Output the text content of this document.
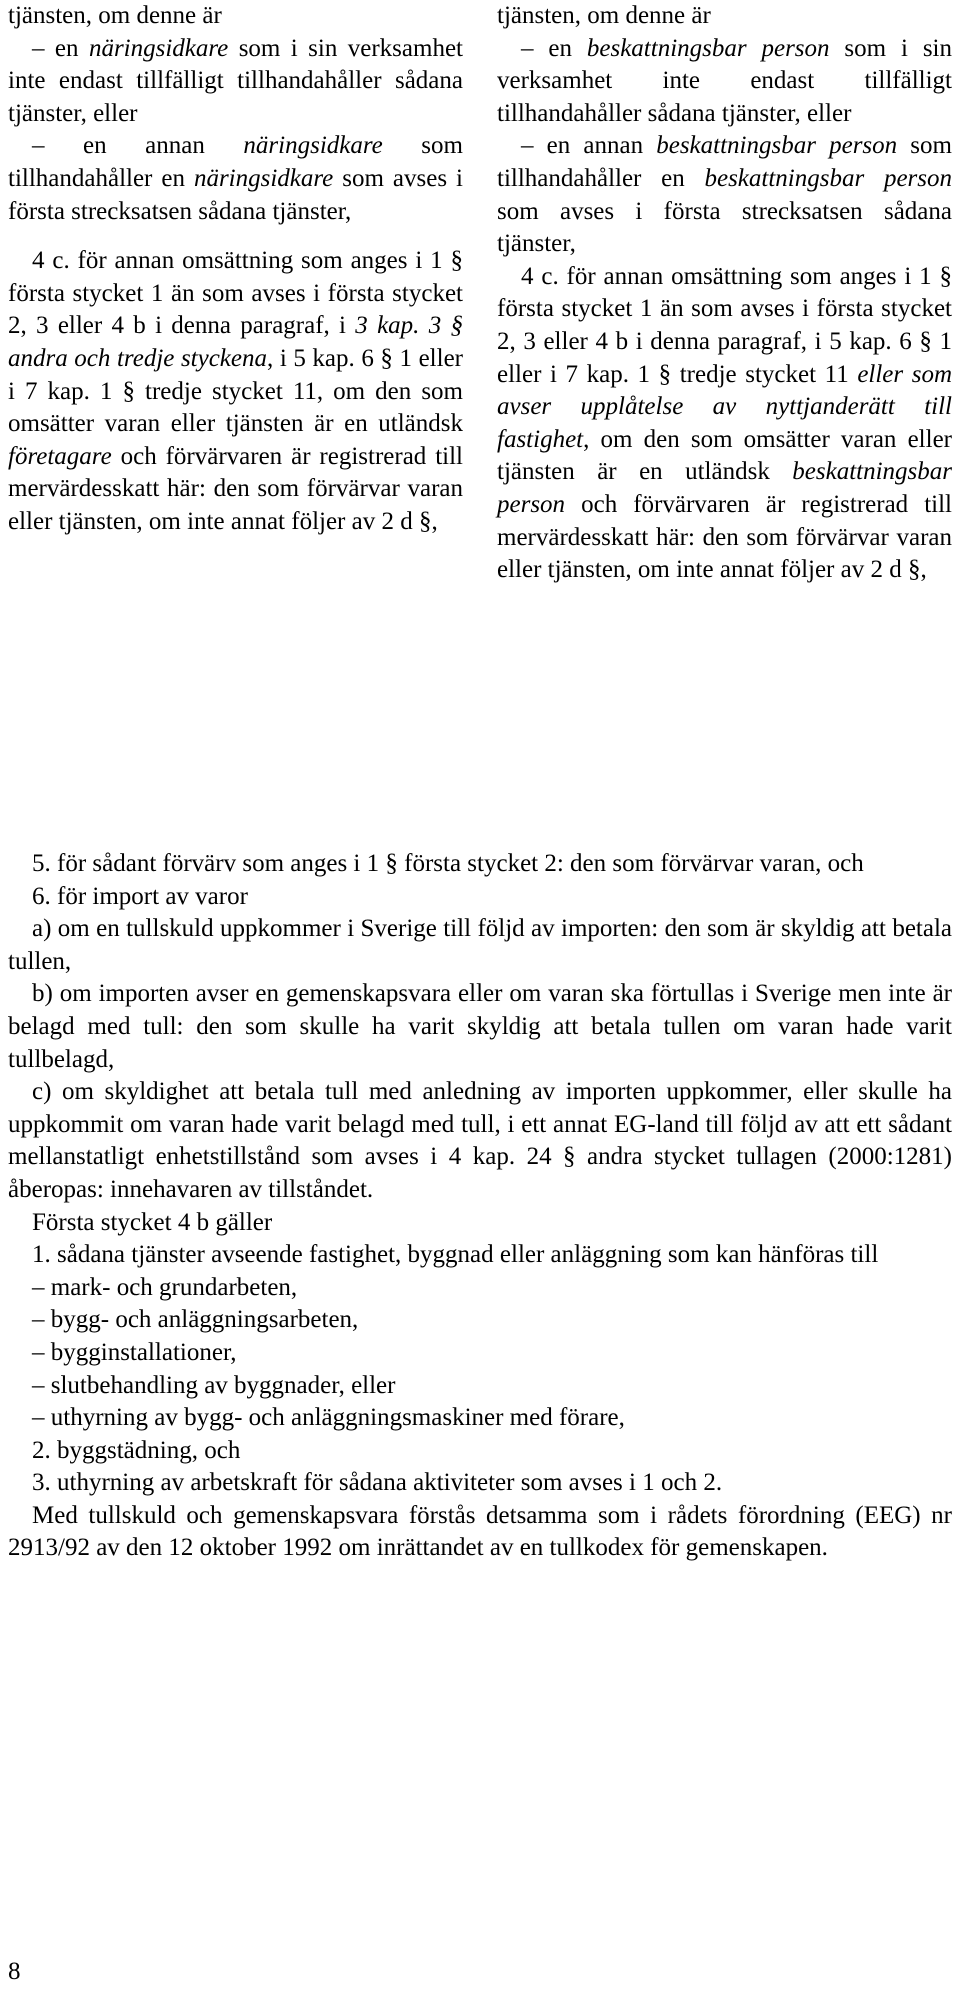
tjänsten, om denne är

– en näringsidkare som i sin verksamhet inte endast tillfälligt tillhandahåller sådana tjänster, eller

– en annan näringsidkare som tillhandahåller en näringsidkare som avses i första strecksatsen sådana tjänster,

4 c. för annan omsättning som anges i 1 § första stycket 1 än som avses i första stycket 2, 3 eller 4 b i denna paragraf, i 3 kap. 3 § andra och tredje styckena, i 5 kap. 6 § 1 eller i 7 kap. 1 § tredje stycket 11, om den som omsätter varan eller tjänsten är en utländsk företagare och förvärvaren är registrerad till mervärdesskatt här: den som förvärvar varan eller tjänsten, om inte annat följer av 2 d §,

tjänsten, om denne är

– en beskattningsbar person som i sin verksamhet inte endast tillfälligt tillhandahåller sådana tjänster, eller

– en annan beskattningsbar person som tillhandahåller en beskattningsbar person som avses i första strecksatsen sådana tjänster,

4 c. för annan omsättning som anges i 1 § första stycket 1 än som avses i första stycket 2, 3 eller 4 b i denna paragraf, i 5 kap. 6 § 1 eller i 7 kap. 1 § tredje stycket 11 eller som avser upplåtelse av nyttjanderätt till fastighet, om den som omsätter varan eller tjänsten är en utländsk beskattningsbar person och förvärvaren är registrerad till mervärdesskatt här: den som förvärvar varan eller tjänsten, om inte annat följer av 2 d §,

5. för sådant förvärv som anges i 1 § första stycket 2: den som förvärvar varan, och

6. för import av varor

a) om en tullskuld uppkommer i Sverige till följd av importen: den som är skyldig att betala tullen,

b) om importen avser en gemenskapsvara eller om varan ska förtullas i Sverige men inte är belagd med tull: den som skulle ha varit skyldig att betala tullen om varan hade varit tullbelagd,

c) om skyldighet att betala tull med anledning av importen uppkommer, eller skulle ha uppkommit om varan hade varit belagd med tull, i ett annat EG-land till följd av att ett sådant mellanstatligt enhetstillstånd som avses i 4 kap. 24 § andra stycket tullagen (2000:1281) åberopas: innehavaren av tillståndet.

Första stycket 4 b gäller

1. sådana tjänster avseende fastighet, byggnad eller anläggning som kan hänföras till

– mark- och grundarbeten,

– bygg- och anläggningsarbeten,

– bygginstallationer,

– slutbehandling av byggnader, eller

– uthyrning av bygg- och anläggningsmaskiner med förare,

2. byggstädning, och

3. uthyrning av arbetskraft för sådana aktiviteter som avses i 1 och 2.

Med tullskuld och gemenskapsvara förstås detsamma som i rådets förordning (EEG) nr 2913/92 av den 12 oktober 1992 om inrättandet av en tullkodex för gemenskapen.

8
